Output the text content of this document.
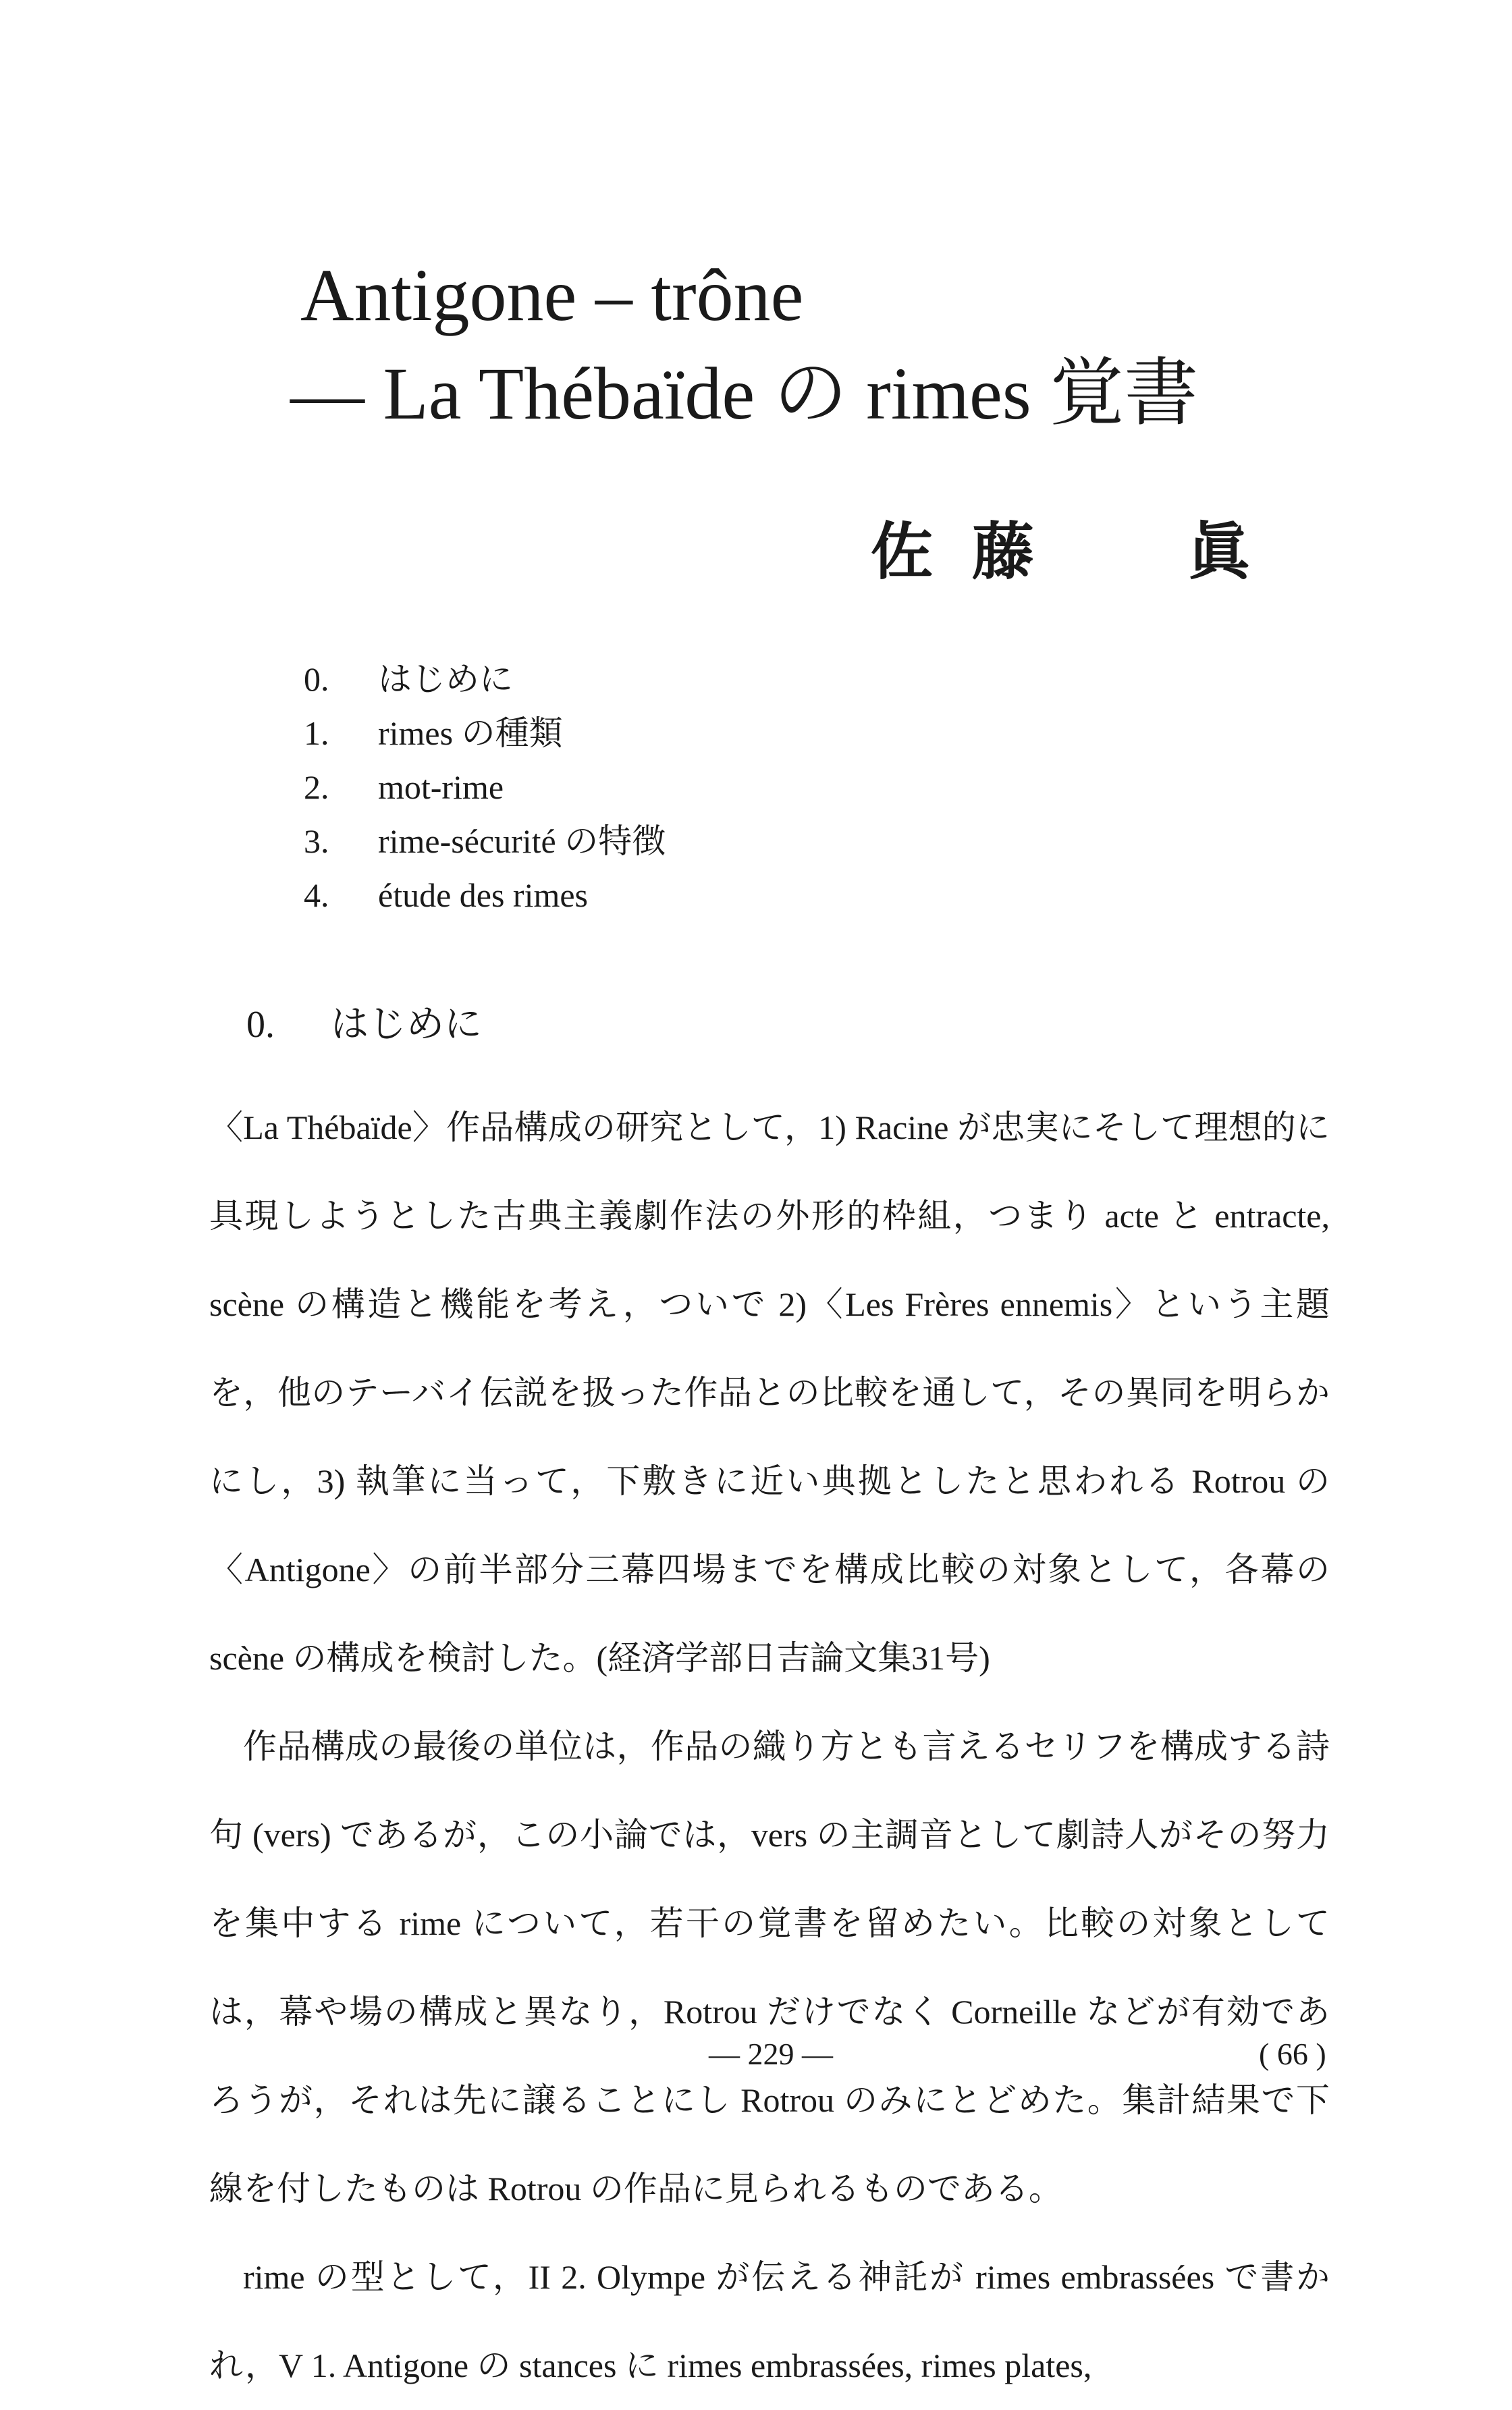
Antigone – trône
— La Thébaïde の rimes 覚書
佐 藤 眞
0. はじめに
1. rimes の種類
2. mot-rime
3. rime-sécurité の特徴
4. étude des rimes
0. はじめに

〈La Thébaïde〉作品構成の研究として，1) Racine が忠実にそして理想的に具現しようとした古典主義劇作法の外形的枠組，つまり acte と entracte, scène の構造と機能を考え，ついで 2)〈Les Frères ennemis〉という主題を，他のテーバイ伝説を扱った作品との比較を通して，その異同を明らかにし，3) 執筆に当って，下敷きに近い典拠としたと思われる Rotrou の〈Antigone〉の前半部分三幕四場までを構成比較の対象として，各幕の scène の構成を検討した。(経済学部日吉論文集31号)

作品構成の最後の単位は，作品の織り方とも言えるセリフを構成する詩句 (vers) であるが，この小論では，vers の主調音として劇詩人がその努力を集中する rime について，若干の覚書を留めたい。比較の対象としては，幕や場の構成と異なり，Rotrou だけでなく Corneille などが有効であろうが，それは先に譲ることにし Rotrou のみにとどめた。集計結果で下線を付したものは Rotrou の作品に見られるものである。

rime の型として，II 2. Olympe が伝える神託が rimes embrassées で書かれ，V 1. Antigone の stances に rimes embrassées, rimes plates,

— 229 —	( 66 )
